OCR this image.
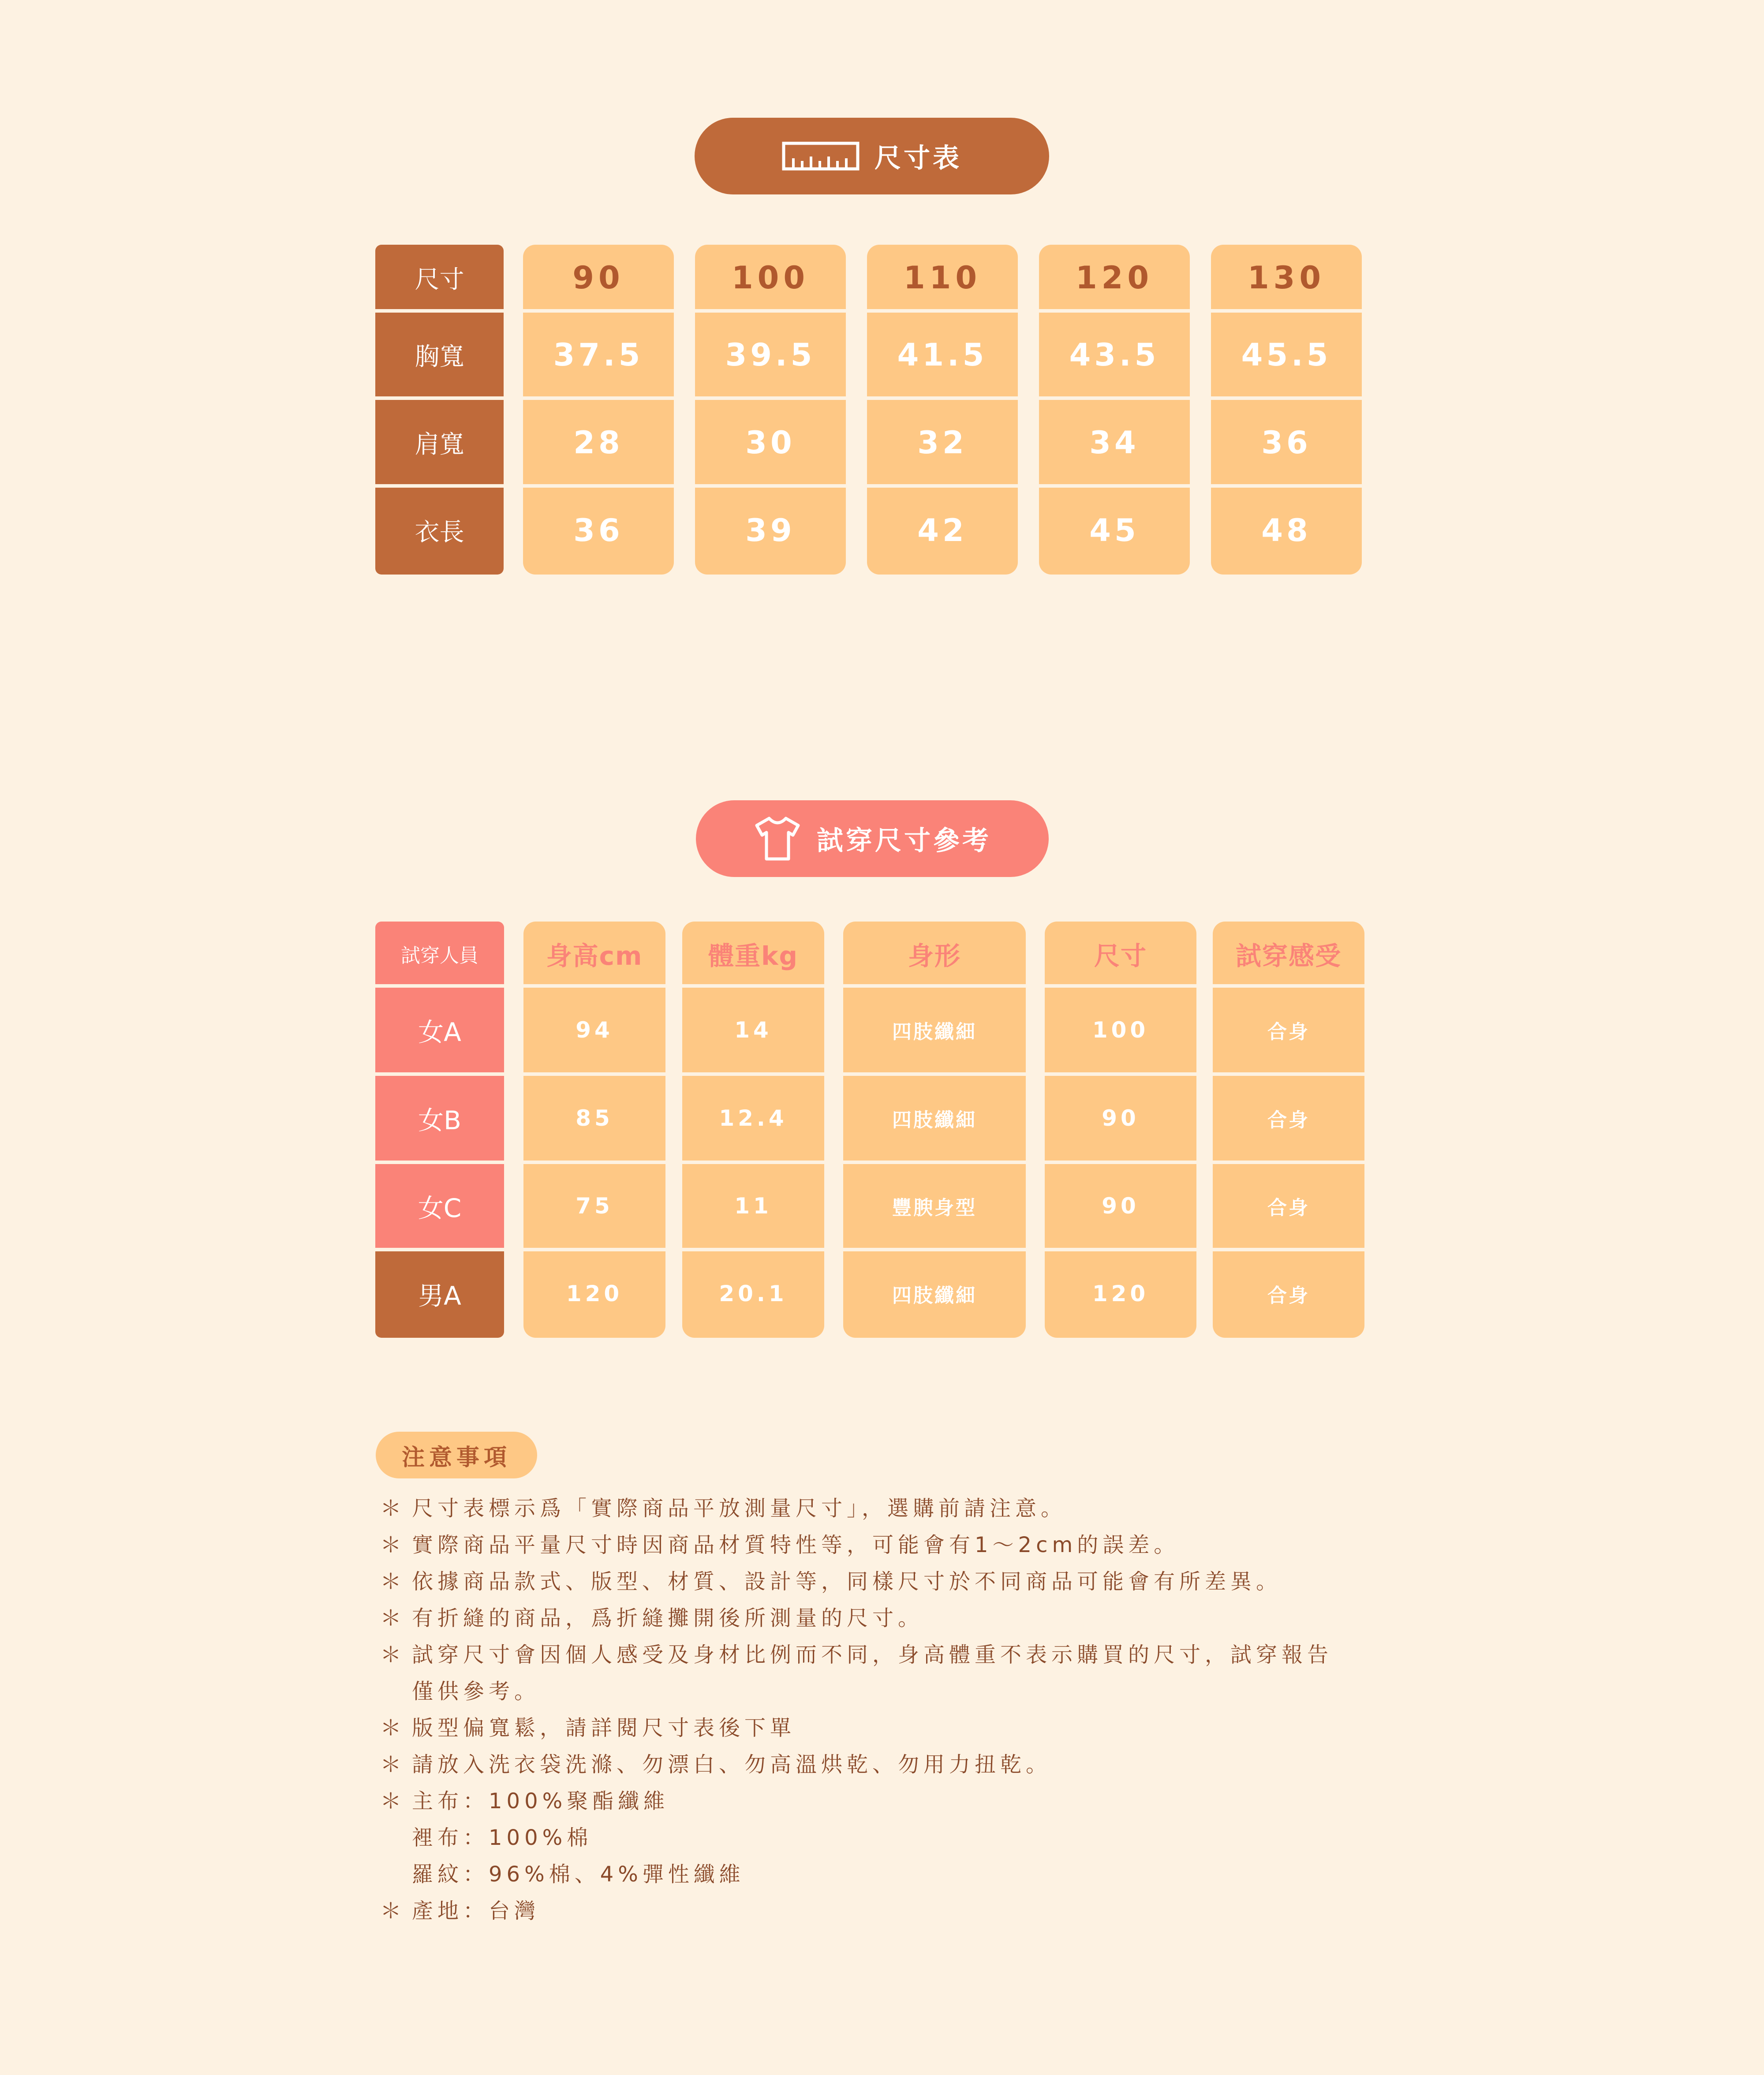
尺寸表
尺寸
胸寬
肩寬
衣長
90
37.5
28
36
100
39.5
30
39
110
41.5
32
42
120
43.5
34
45
130
45.5
36
48
試穿尺寸參考
試穿人員
女A
女B
女C
男A
身高cm
94
85
75
120
體重kg
14
12.4
11
20.1
身形
四肢纖細
四肢纖細
豐腴身型
四肢纖細
尺寸
100
90
90
120
試穿感受
合身
合身
合身
合身
注意事項
＊ 尺寸表標示爲「實際商品平放測量尺寸」，選購前請注意。
＊ 實際商品平量尺寸時因商品材質特性等，可能會有1～2cm的誤差。
＊ 依據商品款式、版型、材質、設計等，同樣尺寸於不同商品可能會有所差異。
＊ 有折縫的商品，爲折縫攤開後所測量的尺寸。
＊ 試穿尺寸會因個人感受及身材比例而不同，身高體重不表示購買的尺寸，試穿報告
僅供參考。
＊ 版型偏寬鬆，請詳閱尺寸表後下單
＊ 請放入洗衣袋洗滌、勿漂白、勿高溫烘乾、勿用力扭乾。
＊ 主布：100%聚酯纖維
裡布：100%棉
羅紋：96%棉、4%彈性纖維
＊ 產地：台灣
